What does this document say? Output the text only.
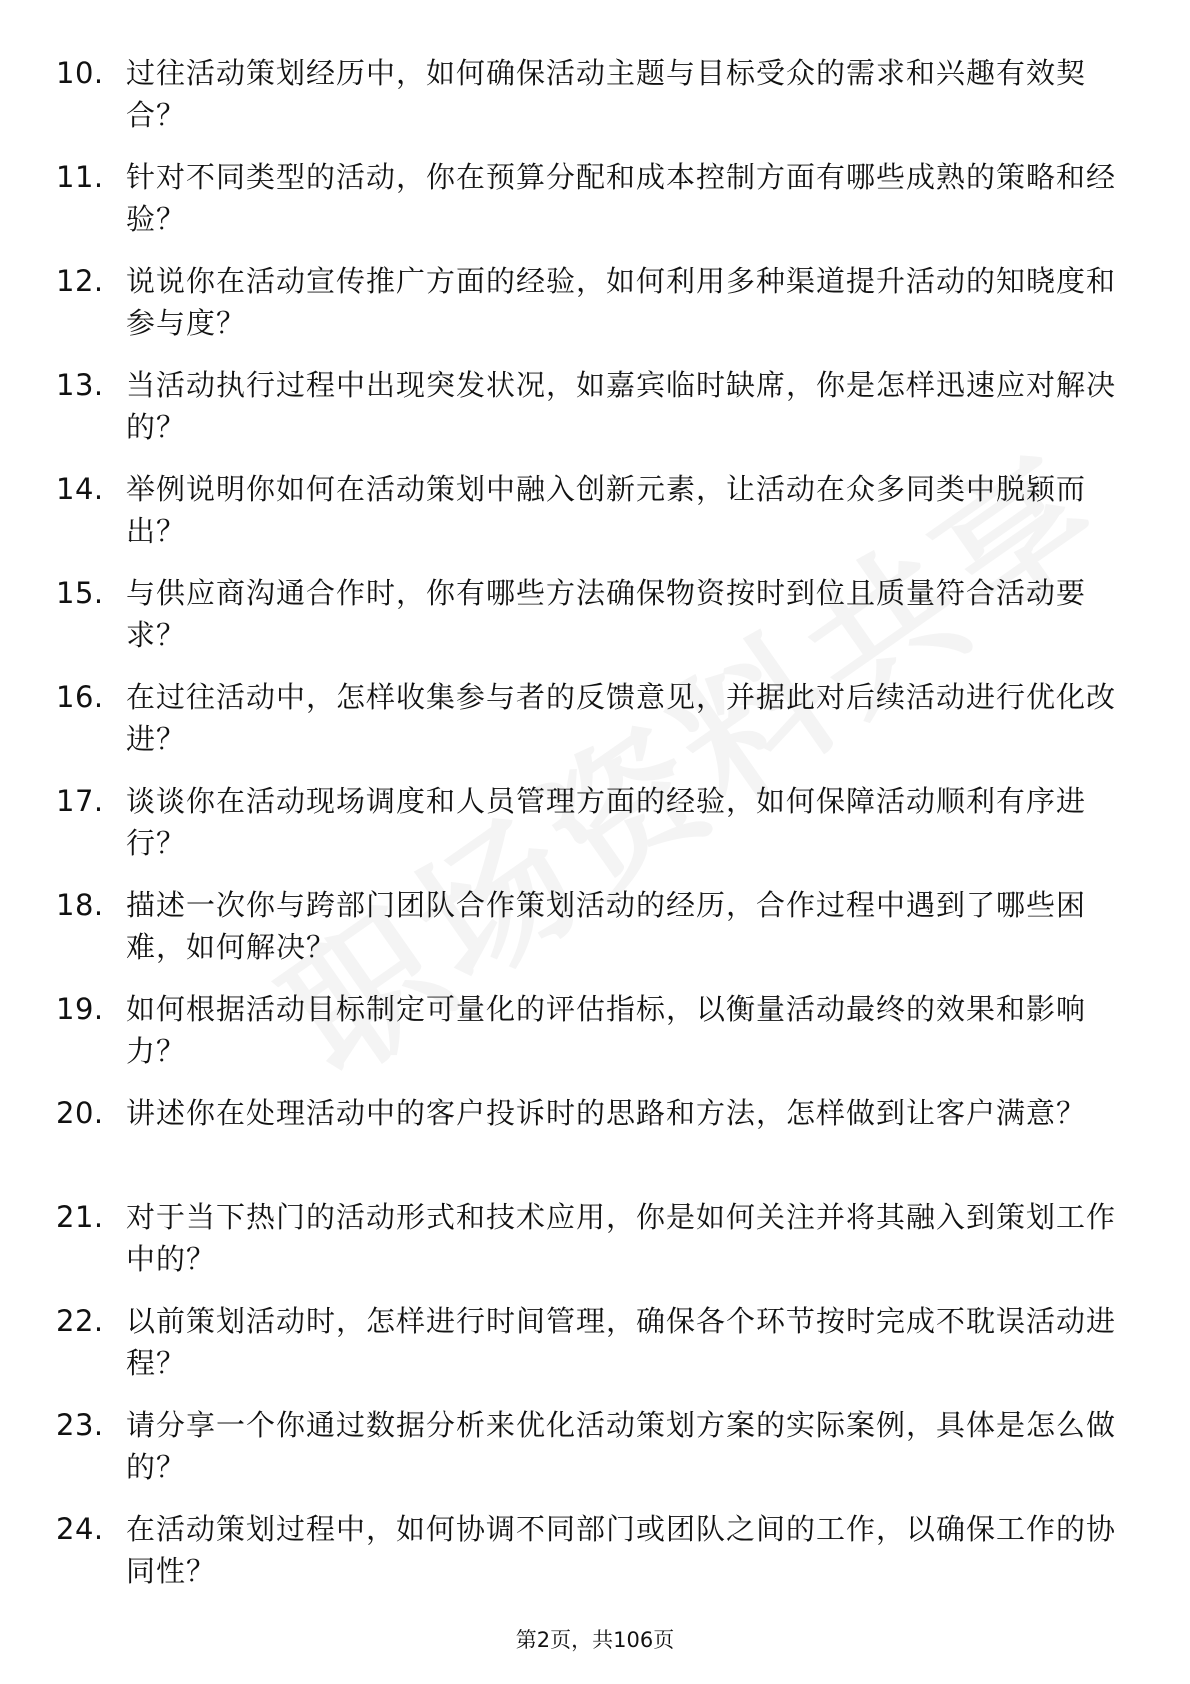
10. 过往活动策划经历中，如何确保活动主题与目标受众的需求和兴趣有效契合？
11. 针对不同类型的活动，你在预算分配和成本控制方面有哪些成熟的策略和经验？
12. 说说你在活动宣传推广方面的经验，如何利用多种渠道提升活动的知晓度和参与度？
13. 当活动执行过程中出现突发状况，如嘉宾临时缺席，你是怎样迅速应对解决的？
14. 举例说明你如何在活动策划中融入创新元素，让活动在众多同类中脱颖而出？
15. 与供应商沟通合作时，你有哪些方法确保物资按时到位且质量符合活动要求？
16. 在过往活动中，怎样收集参与者的反馈意见，并据此对后续活动进行优化改进？
17. 谈谈你在活动现场调度和人员管理方面的经验，如何保障活动顺利有序进行？
18. 描述一次你与跨部门团队合作策划活动的经历，合作过程中遇到了哪些困难，如何解决？
19. 如何根据活动目标制定可量化的评估指标，以衡量活动最终的效果和影响力？
20. 讲述你在处理活动中的客户投诉时的思路和方法，怎样做到让客户满意？
21. 对于当下热门的活动形式和技术应用，你是如何关注并将其融入到策划工作中的？
22. 以前策划活动时，怎样进行时间管理，确保各个环节按时完成不耽误活动进程？
23. 请分享一个你通过数据分析来优化活动策划方案的实际案例，具体是怎么做的？
24. 在活动策划过程中，如何协调不同部门或团队之间的工作，以确保工作的协同性？
第2页，共106页
